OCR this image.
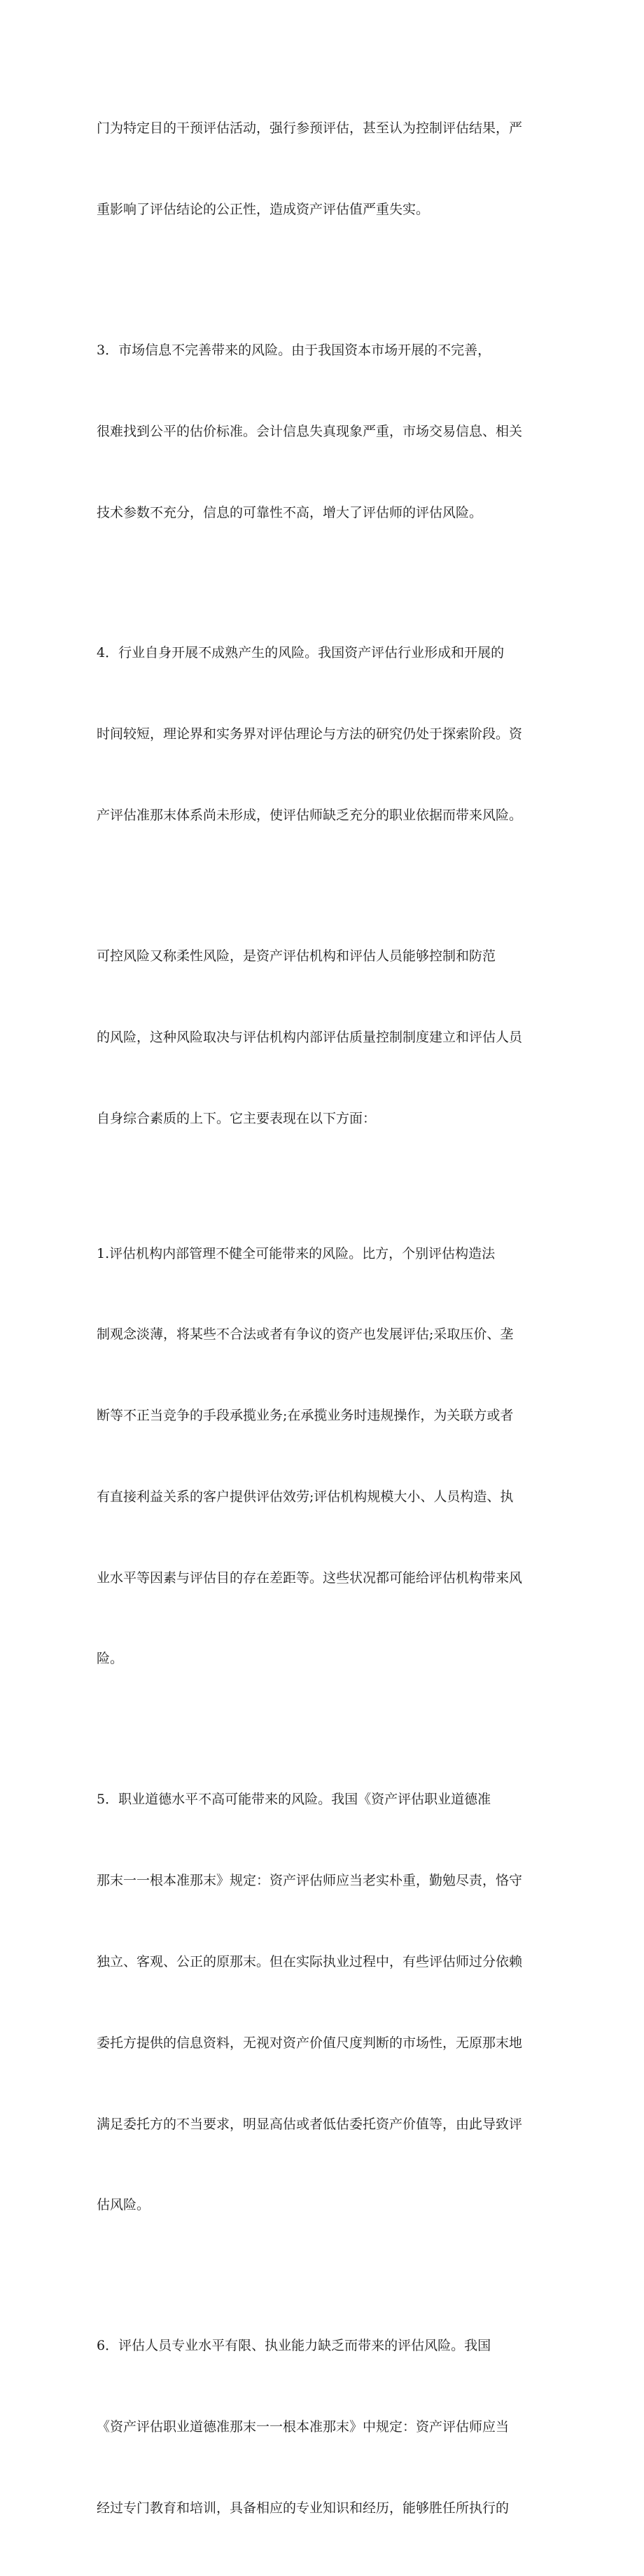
门为特定目的干预评估活动，强行参预评估，甚至认为控制评估结果，严

重影响了评估结论的公正性，造成资产评估值严重失实。

3．市场信息不完善带来的风险。由于我国资本市场开展的不完善，

很难找到公平的估价标准。会计信息失真现象严重，市场交易信息、相关

技术参数不充分，信息的可靠性不高，增大了评估师的评估风险。

4．行业自身开展不成熟产生的风险。我国资产评估行业形成和开展的

时间较短，理论界和实务界对评估理论与方法的研究仍处于探索阶段。资

产评估准那末体系尚未形成，使评估师缺乏充分的职业依据而带来风险。

可控风险又称柔性风险，是资产评估机构和评估人员能够控制和防范

的风险，这种风险取决与评估机构内部评估质量控制制度建立和评估人员

自身综合素质的上下。它主要表现在以下方面：

1.评估机构内部管理不健全可能带来的风险。比方，个别评估构造法

制观念淡薄，将某些不合法或者有争议的资产也发展评估;采取压价、垄

断等不正当竞争的手段承揽业务;在承揽业务时违规操作，为关联方或者

有直接利益关系的客户提供评估效劳;评估机构规模大小、人员构造、执

业水平等因素与评估目的存在差距等。这些状况都可能给评估机构带来风

险。

5．职业道德水平不高可能带来的风险。我国《资产评估职业道德准

那末一一根本准那末》规定：资产评估师应当老实朴重，勤勉尽责，恪守

独立、客观、公正的原那末。但在实际执业过程中，有些评估师过分依赖

委托方提供的信息资料，无视对资产价值尺度判断的市场性，无原那末地

满足委托方的不当要求，明显高估或者低估委托资产价值等，由此导致评

估风险。

6．评估人员专业水平有限、执业能力缺乏而带来的评估风险。我国

《资产评估职业道德准那末一一根本准那末》中规定：资产评估师应当

经过专门教育和培训，具备相应的专业知识和经历，能够胜任所执行的
